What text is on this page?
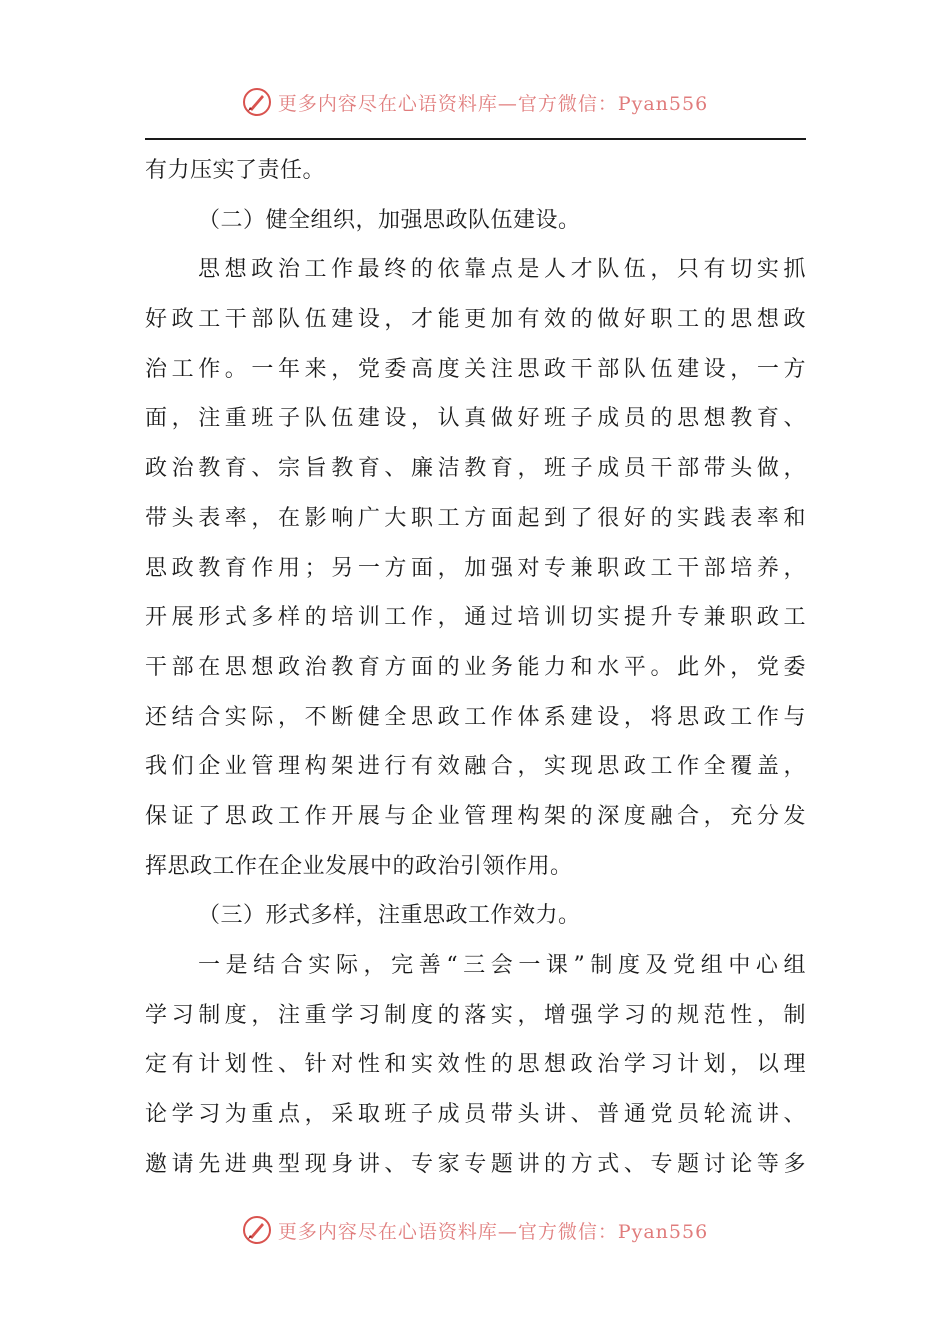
更多内容尽在心语资料库—官方微信：Pyan556
有力压实了责任。
（二）健全组织，加强思政队伍建设。
思想政治工作最终的依靠点是人才队伍，只有切实抓
好政工干部队伍建设，才能更加有效的做好职工的思想政
治工作。一年来，党委高度关注思政干部队伍建设，一方
面，注重班子队伍建设，认真做好班子成员的思想教育、
政治教育、宗旨教育、廉洁教育，班子成员干部带头做，
带头表率，在影响广大职工方面起到了很好的实践表率和
思政教育作用；另一方面，加强对专兼职政工干部培养，
开展形式多样的培训工作，通过培训切实提升专兼职政工
干部在思想政治教育方面的业务能力和水平。此外，党委
还结合实际，不断健全思政工作体系建设，将思政工作与
我们企业管理构架进行有效融合，实现思政工作全覆盖，
保证了思政工作开展与企业管理构架的深度融合，充分发
挥思政工作在企业发展中的政治引领作用。
（三）形式多样，注重思政工作效力。
一是结合实际，完善“三会一课”制度及党组中心组
学习制度，注重学习制度的落实，增强学习的规范性，制
定有计划性、针对性和实效性的思想政治学习计划，以理
论学习为重点，采取班子成员带头讲、普通党员轮流讲、
邀请先进典型现身讲、专家专题讲的方式、专题讨论等多
更多内容尽在心语资料库—官方微信：Pyan556
